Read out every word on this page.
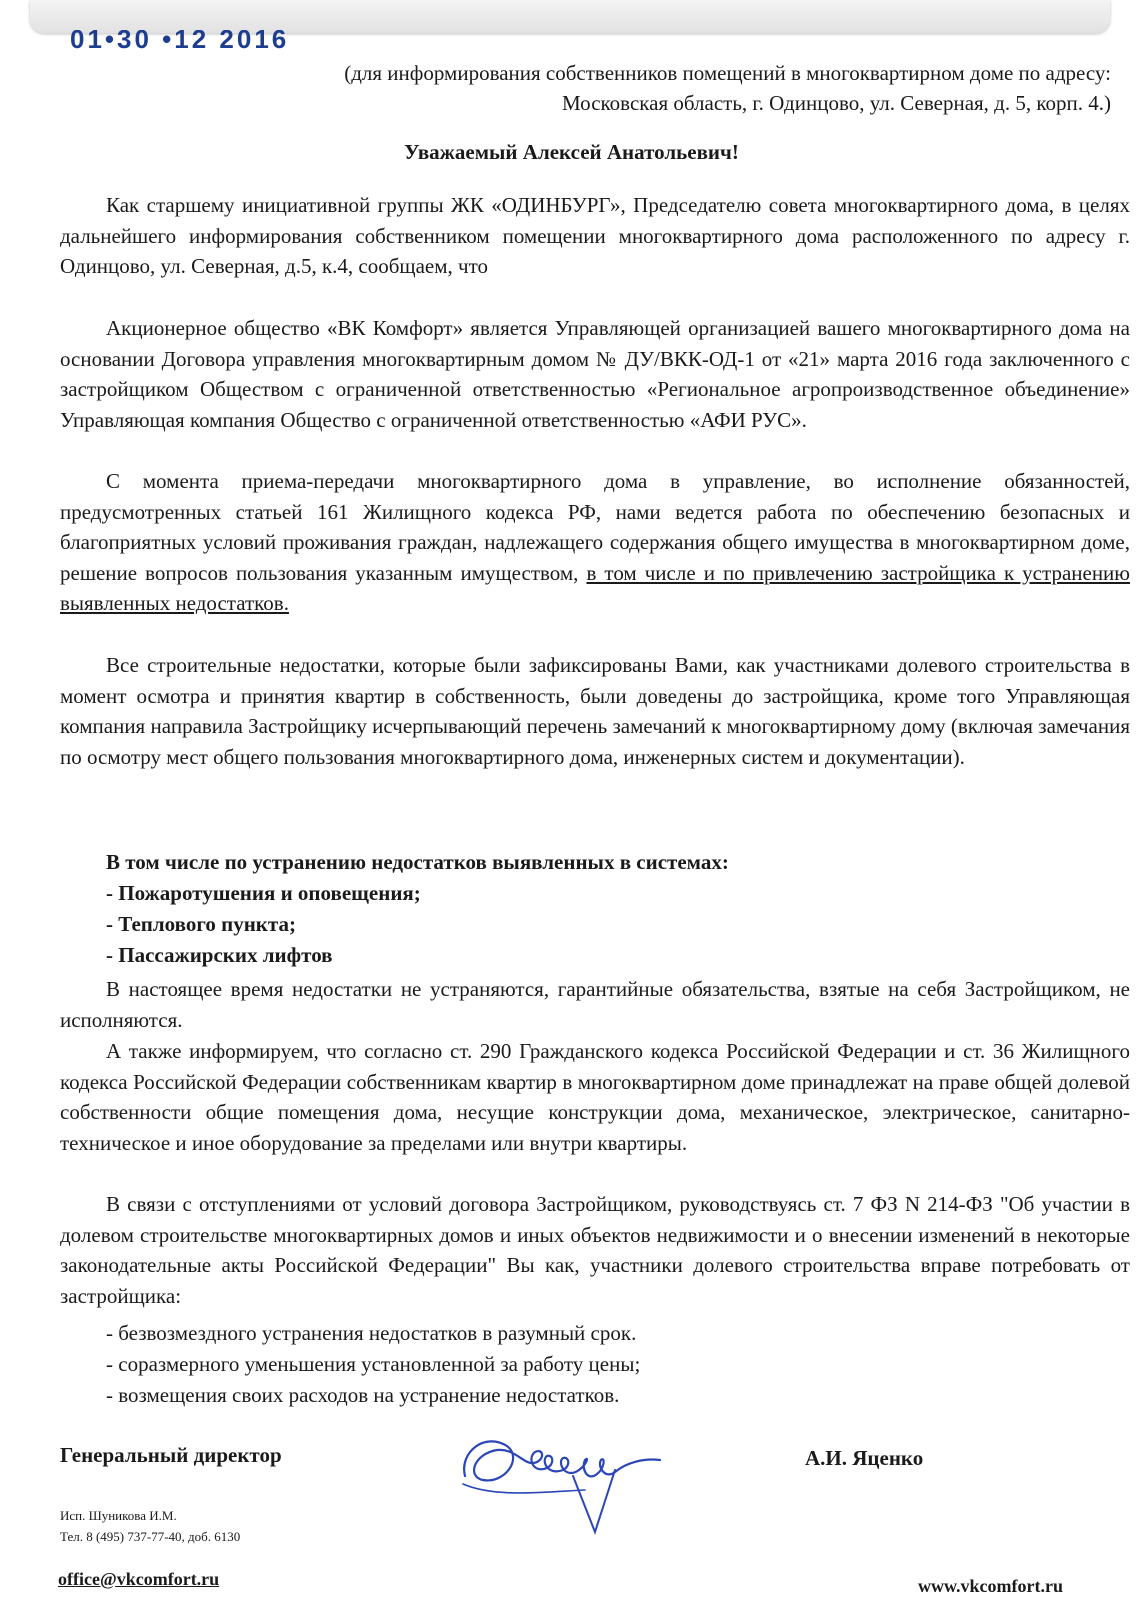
01•30 •12 2016
(для информирования собственников помещений в многоквартирном доме по адресу:
Московская область, г. Одинцово, ул. Северная, д. 5, корп. 4.)
Уважаемый Алексей Анатольевич!
Как старшему инициативной группы ЖК «ОДИНБУРГ», Председателю совета многоквартирного дома, в целях дальнейшего информирования собственником помещении многоквартирного дома расположенного по адресу г. Одинцово, ул. Северная, д.5, к.4, сообщаем, что
Акционерное общество «ВК Комфорт» является Управляющей организацией вашего многоквартирного дома на основании Договора управления многоквартирным домом № ДУ/ВКК-ОД-1 от «21» марта 2016 года заключенного с застройщиком Обществом с ограниченной ответственностью «Региональное агропроизводственное объединение» Управляющая компания Общество с ограниченной ответственностью «АФИ РУС».
С момента приема-передачи многоквартирного дома в управление, во исполнение обязанностей, предусмотренных статьей 161 Жилищного кодекса РФ, нами ведется работа по обеспечению безопасных и благоприятных условий проживания граждан, надлежащего содержания общего имущества в многоквартирном доме, решение вопросов пользования указанным имуществом, в том числе и по привлечению застройщика к устранению выявленных недостатков.
Все строительные недостатки, которые были зафиксированы Вами, как участниками долевого строительства в момент осмотра и принятия квартир в собственность, были доведены до застройщика, кроме того Управляющая компания направила Застройщику исчерпывающий перечень замечаний к многоквартирному дому (включая замечания по осмотру мест общего пользования многоквартирного дома, инженерных систем и документации).
В том числе по устранению недостатков выявленных в системах:
- Пожаротушения и оповещения;
- Теплового пункта;
- Пассажирских лифтов
В настоящее время недостатки не устраняются, гарантийные обязательства, взятые на себя Застройщиком, не исполняются.
А также информируем, что согласно ст. 290 Гражданского кодекса Российской Федерации и ст. 36 Жилищного кодекса Российской Федерации собственникам квартир в многоквартирном доме принадлежат на праве общей долевой собственности общие помещения дома, несущие конструкции дома, механическое, электрическое, санитарно-техническое и иное оборудование за пределами или внутри квартиры.
В связи с отступлениями от условий договора Застройщиком, руководствуясь ст. 7 ФЗ N 214-ФЗ "Об участии в долевом строительстве многоквартирных домов и иных объектов недвижимости и о внесении изменений в некоторые законодательные акты Российской Федерации" Вы как, участники долевого строительства вправе потребовать от застройщика:
- безвозмездного устранения недостатков в разумный срок.
- соразмерного уменьшения установленной за работу цены;
- возмещения своих расходов на устранение недостатков.
Генеральный директор	А.И. Яценко
Исп. Шуникова И.М.
Тел. 8 (495) 737-77-40, доб. 6130
office@vkcomfort.ru	www.vkcomfort.ru
